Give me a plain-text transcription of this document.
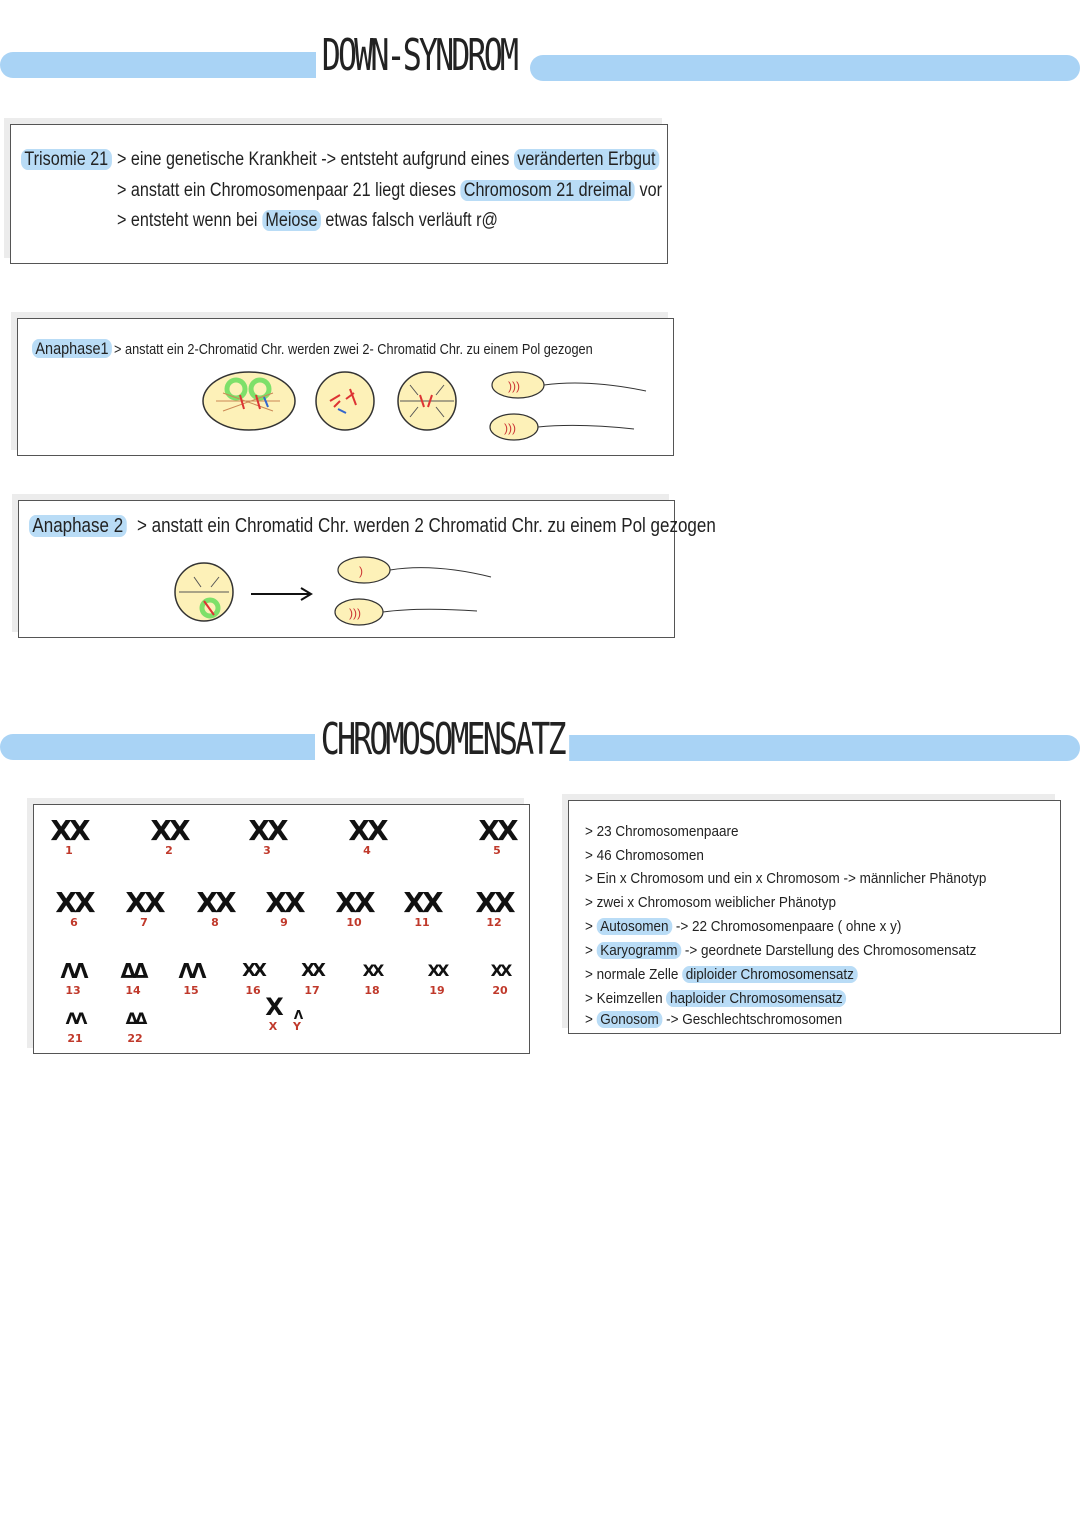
DOWN-SYNDROM
Trisomie 21 > eine genetische Krankheit -> entsteht aufgrund eines veränderten Erbgut
> anstatt ein Chromosomenpaar 21 liegt dieses Chromosom 21 dreimal vor
> entsteht wenn bei Meiose etwas falsch verläuft r@
Anaphase1 > anstatt ein 2-Chromatid Chr. werden zwei 2- Chromatid Chr. zu einem Pol gezogen
)))
)))
Anaphase 2 > anstatt ein Chromatid Chr. werden 2 Chromatid Chr. zu einem Pol gezogen
)
)))
CHROMOSOMENSATZ
XX
1
XX
2
XX
3
XX
4
XX
5
XX
6
XX
7
XX
8
XX
9
XX
10
XX
11
XX
12
ΛΛ
13
ΔΔ
14
ΛΛ
15
XX
16
XX
17
XX
18
XX
19
XX
20
ΛΛ
21
ΔΔ
22
X
X
Λ
Y
> 23 Chromosomenpaare
> 46 Chromosomen
> Ein x Chromosom und ein x Chromosom -> männlicher Phänotyp
> zwei x Chromosom weiblicher Phänotyp
> Autosomen -> 22 Chromosomenpaare ( ohne x y)
> Karyogramm -> geordnete Darstellung des Chromosomensatz
> normale Zelle diploider Chromosomensatz
> Keimzellen haploider Chromosomensatz
> Gonosom -> Geschlechtschromosomen
